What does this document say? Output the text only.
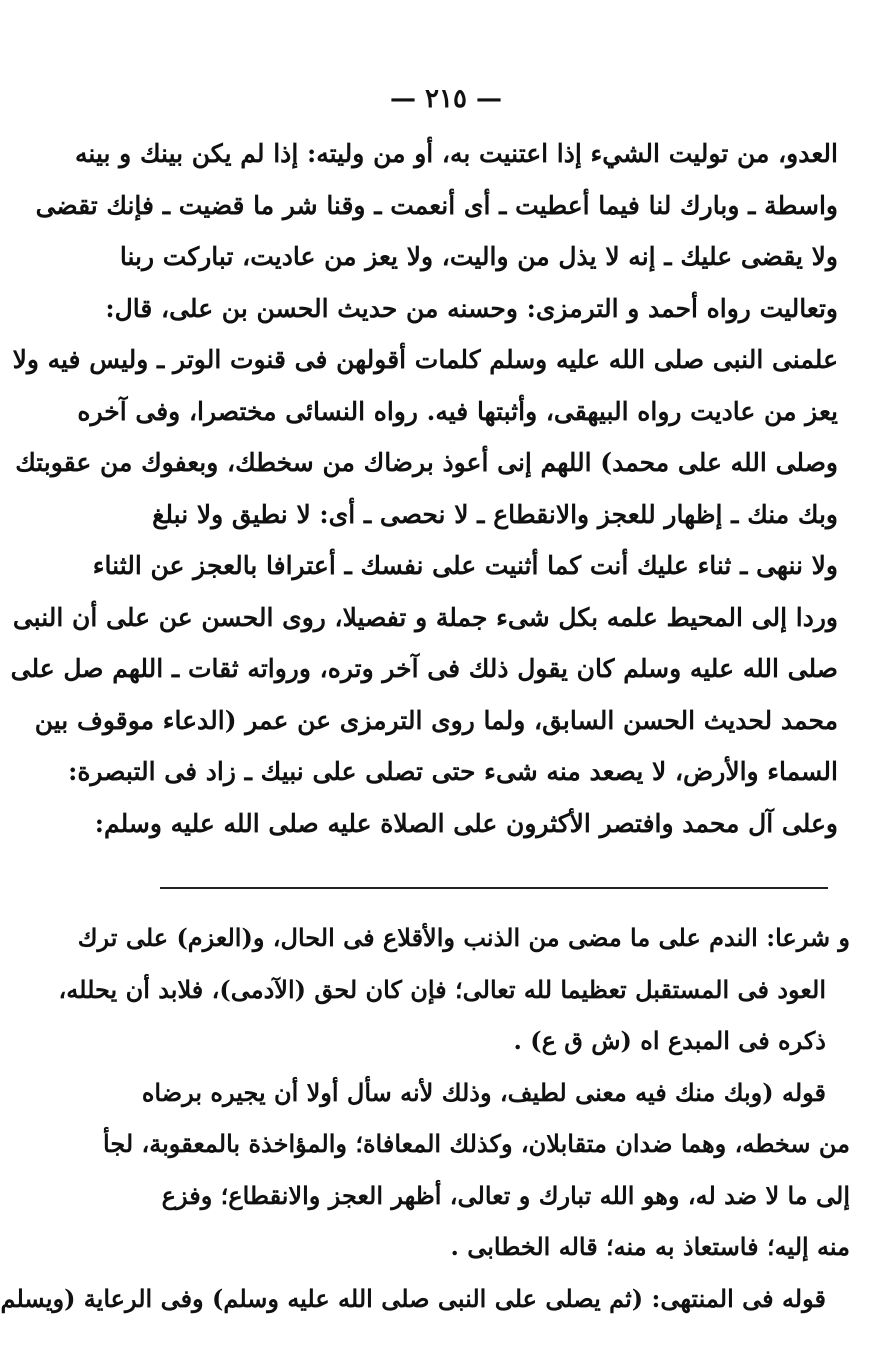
— ٢١٥ —
العدو، من توليت الشيء إذا اعتنيت به، أو من وليته: إذا لم يكن بينك و بينه
واسطة ـ وبارك لنا فيما أعطيت ـ أى أنعمت ـ وقنا شر ما قضيت ـ فإنك تقضى
ولا يقضى عليك ـ إنه لا يذل من واليت، ولا يعز من عاديت، تباركت ربنا
وتعاليت رواه أحمد و الترمزى: وحسنه من حديث الحسن بن على، قال:
علمنى النبى صلى الله عليه وسلم كلمات أقولهن فى قنوت الوتر ـ وليس فيه ولا
يعز من عاديت رواه البيهقى، وأثبتها فيه. رواه النسائى مختصرا، وفى آخره
وصلى الله على محمد) اللهم إنى أعوذ برضاك من سخطك، وبعفوك من عقوبتك
وبك منك ـ إظهار للعجز والانقطاع ـ لا نحصى ـ أى: لا نطيق ولا نبلغ
ولا ننهى ـ ثناء عليك أنت كما أثنيت على نفسك ـ أعترافا بالعجز عن الثناء
وردا إلى المحيط علمه بكل شىء جملة و تفصيلا، روى الحسن عن على أن النبى
صلى الله عليه وسلم كان يقول ذلك فى آخر وتره، ورواته ثقات ـ اللهم صل على
محمد لحديث الحسن السابق، ولما روى الترمزى عن عمر (الدعاء موقوف بين
السماء والأرض، لا يصعد منه شىء حتى تصلى على نبيك ـ زاد فى التبصرة:
وعلى آل محمد وافتصر الأكثرون على الصلاة عليه صلى الله عليه وسلم:
و شرعا: الندم على ما مضى من الذنب والأقلاع فى الحال، و(العزم) على ترك
العود فى المستقبل تعظيما لله تعالى؛ فإن كان لحق (الآدمى)، فلابد أن يحلله،
ذكره فى المبدع اه (ش ق ع) .
قوله (وبك منك فيه معنى لطيف، وذلك لأنه سأل أولا أن يجيره برضاه
من سخطه، وهما ضدان متقابلان، وكذلك المعافاة؛ والمؤاخذة بالمعقوبة، لجأ
إلى ما لا ضد له، وهو الله تبارك و تعالى، أظهر العجز والانقطاع؛ وفزع
منه إليه؛ فاستعاذ به منه؛ قاله الخطابى .
قوله فى المنتهى: (ثم يصلى على النبى صلى الله عليه وسلم) وفى الرعاية (ويسلم
